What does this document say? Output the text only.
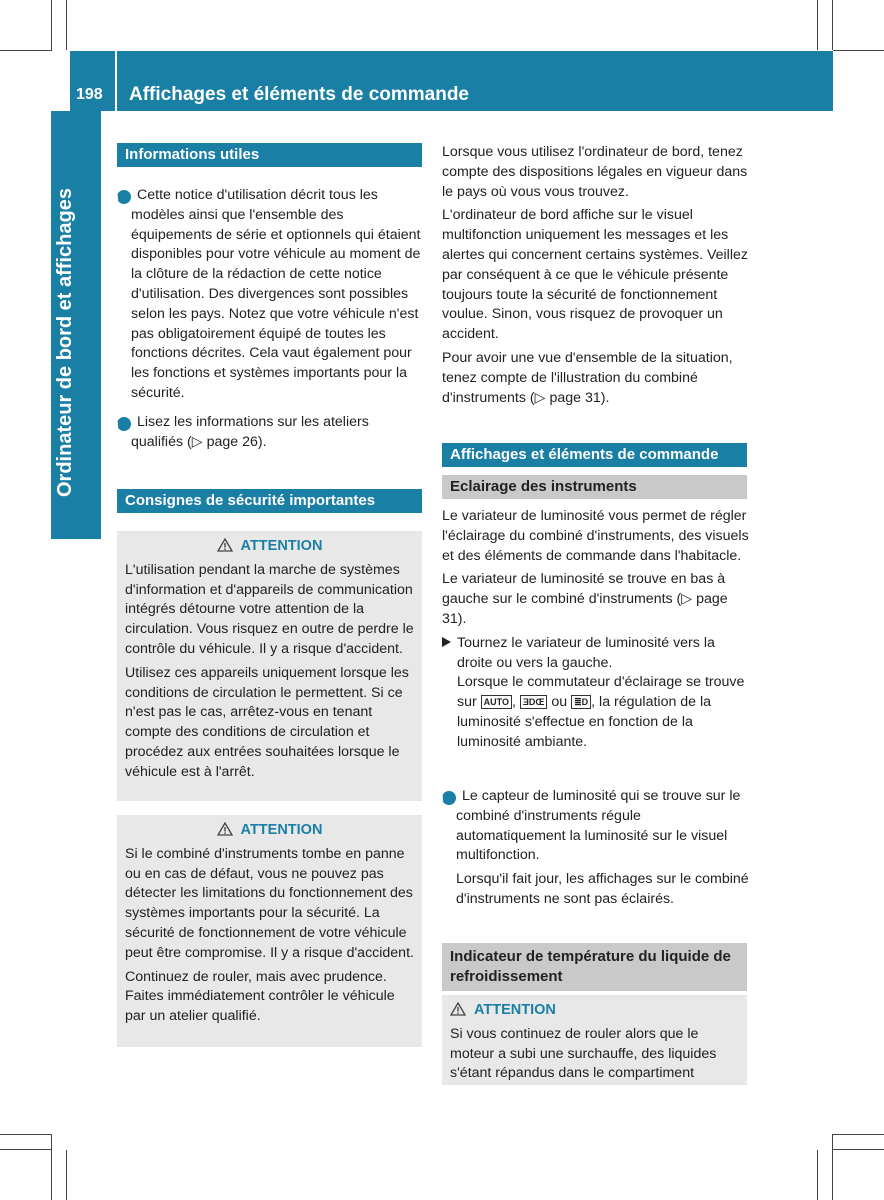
198 Affichages et éléments de commande
Ordinateur de bord et affichages
Informations utiles

i Cette notice d'utilisation décrit tous les modèles ainsi que l'ensemble des équipements de série et optionnels qui étaient disponibles pour votre véhicule au moment de la clôture de la rédaction de cette notice d'utilisation. Des divergences sont possibles selon les pays. Notez que votre véhicule n'est pas obligatoirement équipé de toutes les fonctions décrites. Cela vaut également pour les fonctions et systèmes importants pour la sécurité.

i Lisez les informations sur les ateliers qualifiés (▷ page 26).

Consignes de sécurité importantes
ATTENTION

L'utilisation pendant la marche de systèmes d'information et d'appareils de communication intégrés détourne votre attention de la circulation. Vous risquez en outre de perdre le contrôle du véhicule. Il y a risque d'accident.

Utilisez ces appareils uniquement lorsque les conditions de circulation le permettent. Si ce n'est pas le cas, arrêtez-vous en tenant compte des conditions de circulation et procédez aux entrées souhaitées lorsque le véhicule est à l'arrêt.

ATTENTION

Si le combiné d'instruments tombe en panne ou en cas de défaut, vous ne pouvez pas détecter les limitations du fonctionnement des systèmes importants pour la sécurité. La sécurité de fonctionnement de votre véhicule peut être compromise. Il y a risque d'accident.

Continuez de rouler, mais avec prudence. Faites immédiatement contrôler le véhicule par un atelier qualifié.

Lorsque vous utilisez l'ordinateur de bord, tenez compte des dispositions légales en vigueur dans le pays où vous vous trouvez.

L'ordinateur de bord affiche sur le visuel multifonction uniquement les messages et les alertes qui concernent certains systèmes. Veillez par conséquent à ce que le véhicule présente toujours toute la sécurité de fonctionnement voulue. Sinon, vous risquez de provoquer un accident.

Pour avoir une vue d'ensemble de la situation, tenez compte de l'illustration du combiné d'instruments (▷ page 31).

Affichages et éléments de commande
Eclairage des instruments

Le variateur de luminosité vous permet de régler l'éclairage du combiné d'instruments, des visuels et des éléments de commande dans l'habitacle.

Le variateur de luminosité se trouve en bas à gauche sur le combiné d'instruments (▷ page 31).

Tournez le variateur de luminosité vers la droite ou vers la gauche.

Lorsque le commutateur d'éclairage se trouve sur AUTO , ƎDŒ ou ≣D , la régulation de la luminosité s'effectue en fonction de la luminosité ambiante.

i Le capteur de luminosité qui se trouve sur le combiné d'instruments régule automatiquement la luminosité sur le visuel multifonction.

Lorsqu'il fait jour, les affichages sur le combiné d'instruments ne sont pas éclairés.

Indicateur de température du liquide de refroidissement
ATTENTION

Si vous continuez de rouler alors que le moteur a subi une surchauffe, des liquides s'étant répandus dans le compartiment
